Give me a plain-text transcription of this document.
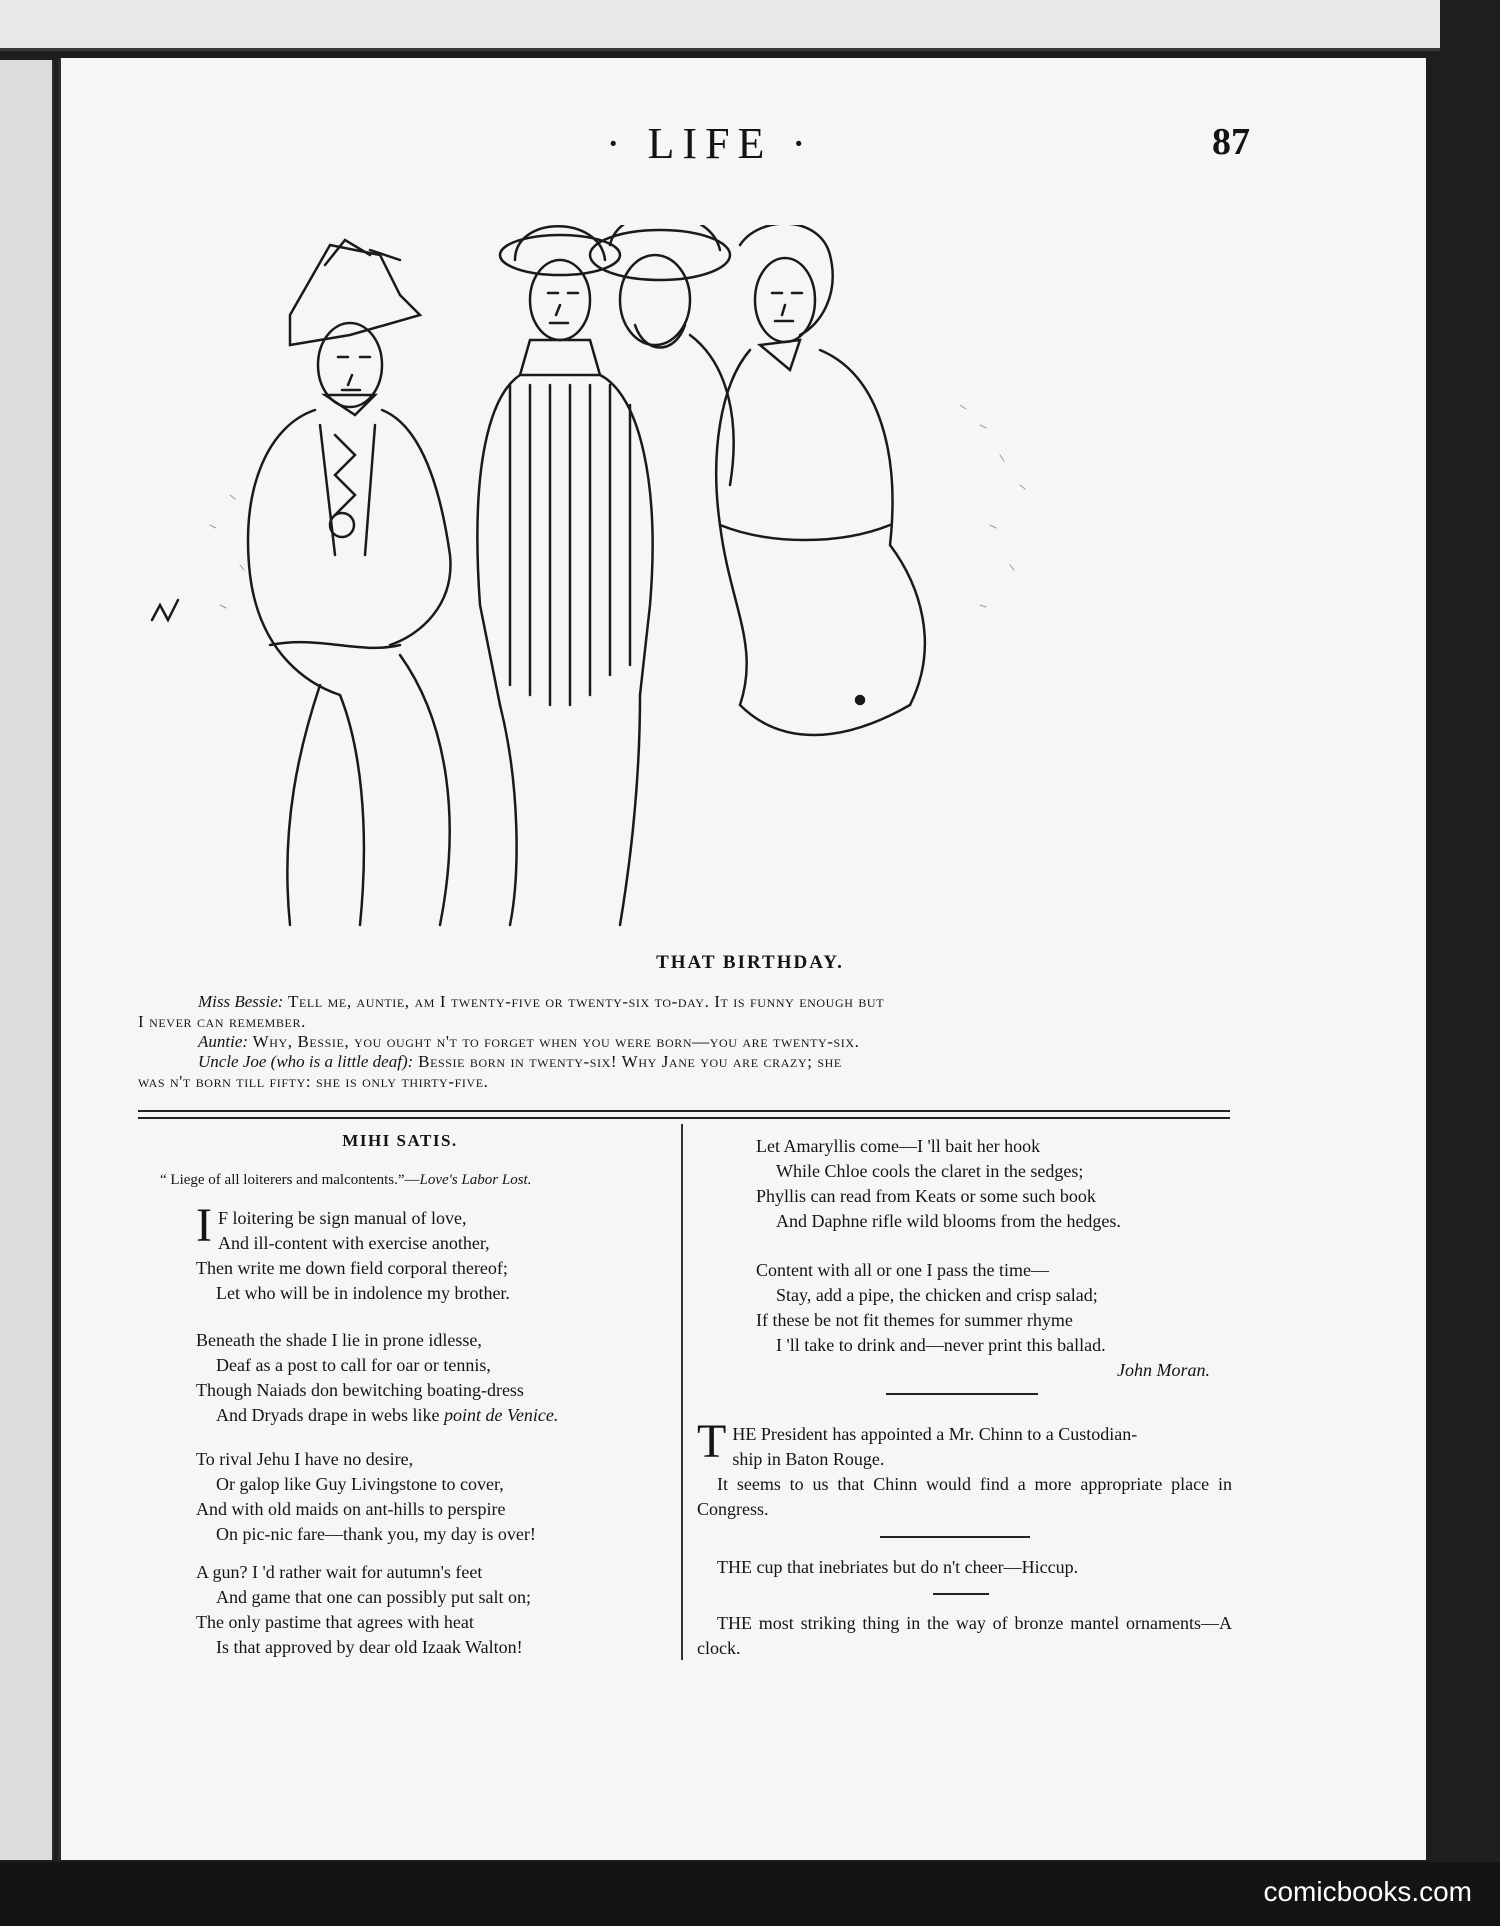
· LIFE ·	87
THAT BIRTHDAY.

Miss Bessie: Tell me, auntie, am I twenty-five or twenty-six to-day. It is funny enough but

I never can remember.

Auntie: Why, Bessie, you ought n't to forget when you were born—you are twenty-six.

Uncle Joe (who is a little deaf): Bessie born in twenty-six! Why Jane you are crazy; she

was n't born till fifty: she is only thirty-five.

MIHI SATIS.
“ Liege of all loiterers and malcontents.”—Love's Labor Lost.
I F loitering be sign manual of love,

And ill-content with exercise another,

Then write me down field corporal thereof;

Let who will be in indolence my brother.

Beneath the shade I lie in prone idlesse,

Deaf as a post to call for oar or tennis,

Though Naiads don bewitching boating-dress

And Dryads drape in webs like point de Venice.

To rival Jehu I have no desire,

Or galop like Guy Livingstone to cover,

And with old maids on ant-hills to perspire

On pic-nic fare—thank you, my day is over!

A gun? I 'd rather wait for autumn's feet

And game that one can possibly put salt on;

The only pastime that agrees with heat

Is that approved by dear old Izaak Walton!

Let Amaryllis come—I 'll bait her hook

While Chloe cools the claret in the sedges;

Phyllis can read from Keats or some such book

And Daphne rifle wild blooms from the hedges.

Content with all or one I pass the time—

Stay, add a pipe, the chicken and crisp salad;

If these be not fit themes for summer rhyme

I 'll take to drink and—never print this ballad.

John Moran.
T HE President has appointed a Mr. Chinn to a Custodian-

ship in Baton Rouge.

It seems to us that Chinn would find a more appropriate place in Congress.

THE cup that inebriates but do n't cheer—Hiccup.

THE most striking thing in the way of bronze mantel ornaments—A clock.

comicbooks.com
